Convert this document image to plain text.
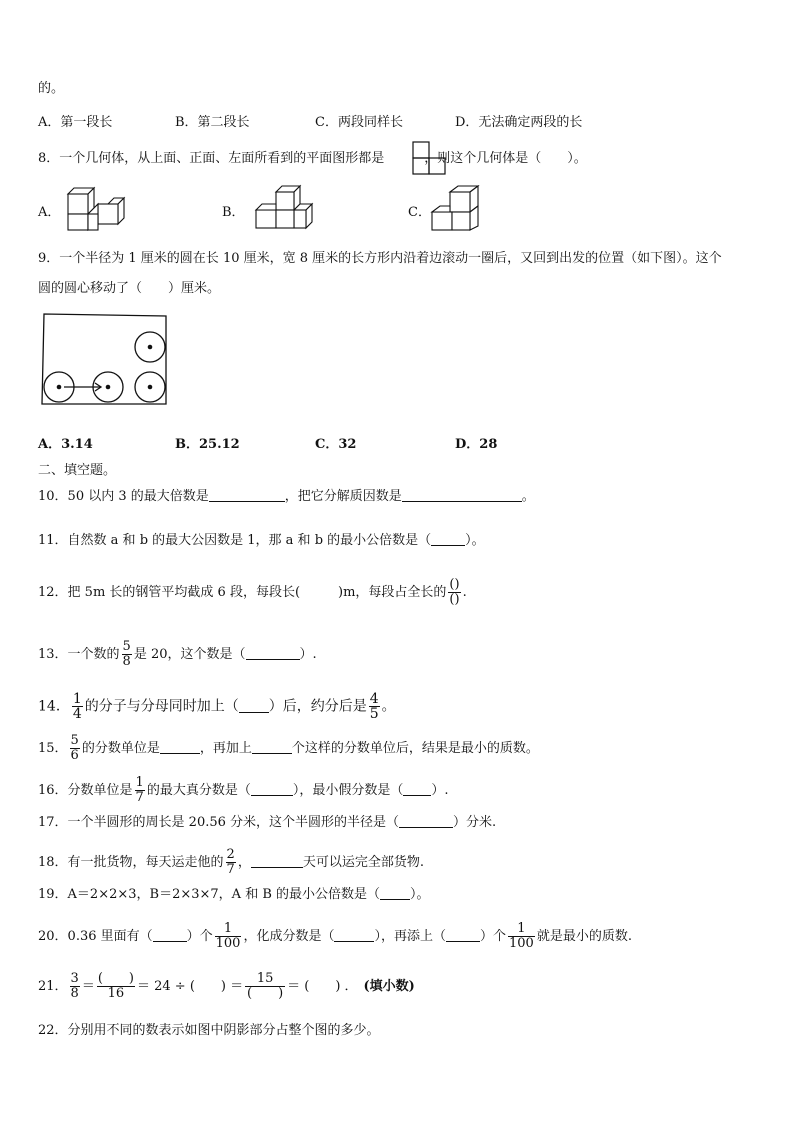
的。
A．第一段长	B．第二段长	C．两段同样长	D．无法确定两段的长
8．一个几何体，从上面、正面、左面所看到的平面图形都是	，则这个几何体是（　　）。
A．	B．	C．
9．一个半径为 1 厘米的圆在长 10 厘米，宽 8 厘米的长方形内沿着边滚动一圈后，又回到出发的位置（如下图）。这个
圆的圆心移动了（　　）厘米。
A．3.14	B．25.12	C．32	D．28
二、填空题。
10．50 以内 3 的最大倍数是	，把它分解质因数是	。
11．自然数 a 和 b 的最大公因数是 1，那 a 和 b 的最小公倍数是（	）。
12．把 5m 长的钢管平均截成 6 段，每段长(	)m，每段占全长的 $\frac{()}{()}$ .
13．一个数的 $\frac{5}{8}$ 是 20，这个数是（	）.
14． $\frac{1}{4}$ 的分子与分母同时加上（ ）后，约分后是 $\frac{4}{5}$ 。
15． $\frac{5}{6}$ 的分数单位是	，再加上	个这样的分数单位后，结果是最小的质数。
16．分数单位是 $\frac{1}{7}$ 的最大真分数是（	），最小假分数是（ ）.
17．一个半圆形的周长是 20.56 分米，这个半圆形的半径是（	）分米.
18．有一批货物，每天运走他的 $\frac{2}{7}$ ，	天可以运完全部货物.
19．A＝2×2×3，B＝2×3×7，A 和 B 的最小公倍数是（ ）。
20．0.36 里面有（	）个 $\frac{1}{100}$ ，化成分数是（	），再添上（	）个 $\frac{1}{100}$ 就是最小的质数.
21． $\frac{3}{8} = \frac{( )}{16} = 24$ ÷ (　　) ＝ $\frac{15}{( )}$ ＝ (　　) ． (填小数)
22．分别用不同的数表示如图中阴影部分占整个图的多少。
